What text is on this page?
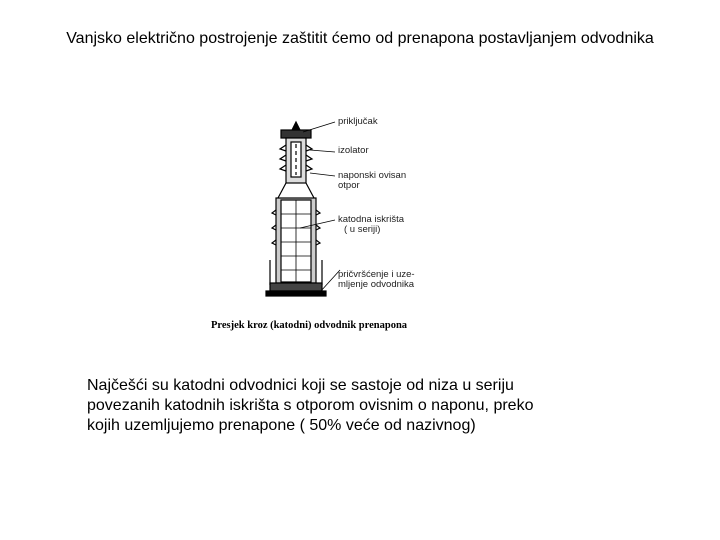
Vanjsko električno postrojenje zaštitit ćemo od prenapona postavljanjem odvodnika
priključak
izolator
naponski ovisan
otpor
katodna iskrišta
( u seriji)
pričvršćenje i uze-
mljenje odvodnika
Presjek kroz (katodni) odvodnik prenapona
Najčešći su katodni odvodnici koji se sastoje od niza u seriju
povezanih katodnih iskrišta s otporom ovisnim o naponu, preko
kojih uzemljujemo prenapone ( 50% veće od nazivnog)
